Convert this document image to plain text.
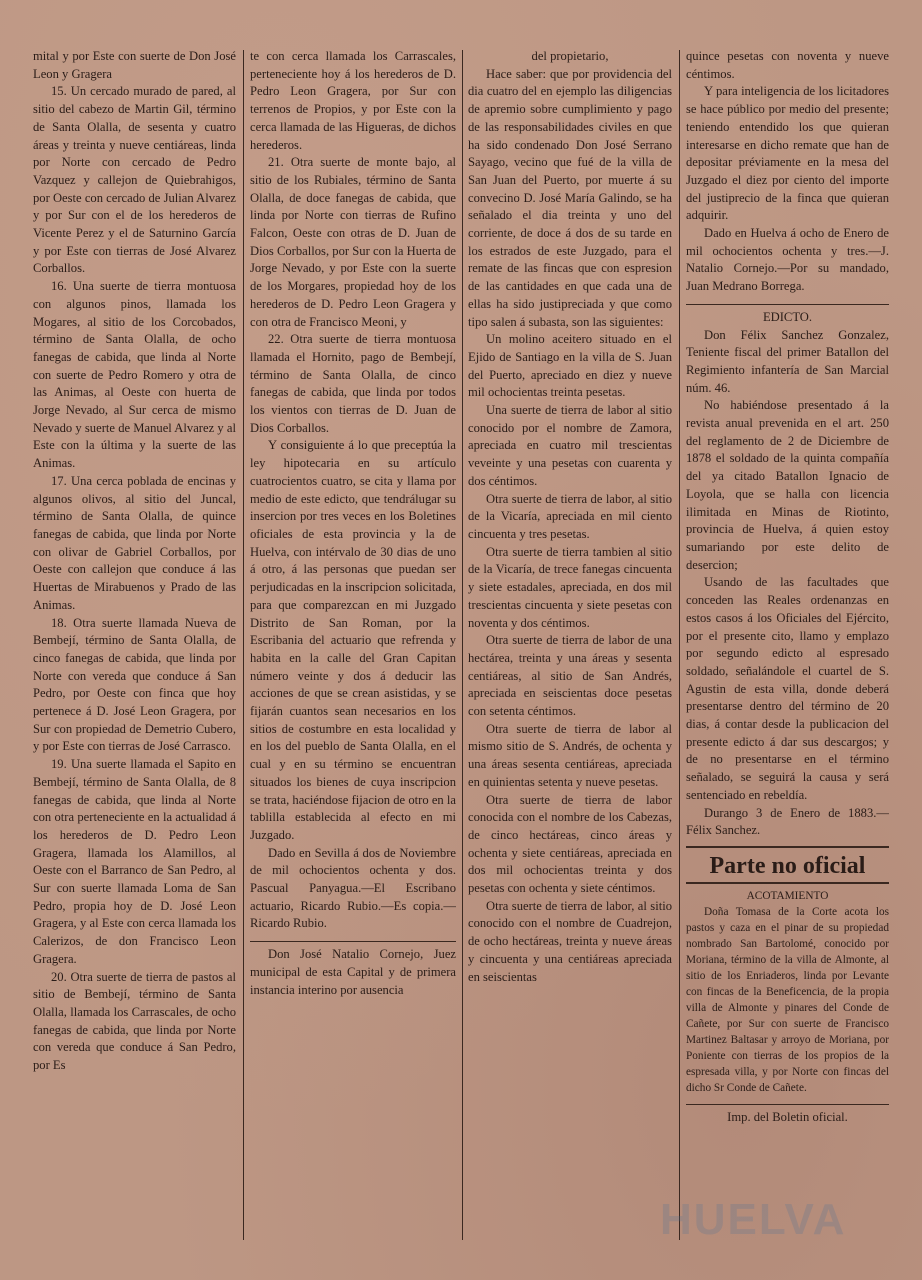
mital y por Este con suerte de Don José Leon y Gragera

15. Un cercado murado de pared, al sitio del cabezo de Martin Gil, término de Santa Olalla, de sesenta y cuatro áreas y treinta y nueve centiáreas, linda por Norte con cercado de Pedro Vazquez y callejon de Quiebrahigos, por Oeste con cercado de Julian Alvarez y por Sur con el de los herederos de Vicente Perez y el de Saturnino García y por Este con tierras de José Alvarez Corballos.

16. Una suerte de tierra montuosa con algunos pinos, llamada los Mogares, al sitio de los Corcobados, término de Santa Olalla, de ocho fanegas de cabida, que linda al Norte con suerte de Pedro Romero y otra de las Animas, al Oeste con huerta de Jorge Nevado, al Sur cerca de mismo Nevado y suerte de Manuel Alvarez y al Este con la última y la suerte de las Animas.

17. Una cerca poblada de encinas y algunos olivos, al sitio del Juncal, término de Santa Olalla, de quince fanegas de cabida, que linda por Norte con olivar de Gabriel Corballos, por Oeste con callejon que conduce á las Huertas de Mirabuenos y Prado de las Animas.

18. Otra suerte llamada Nueva de Bembejí, término de Santa Olalla, de cinco fanegas de cabida, que linda por Norte con vereda que conduce á San Pedro, por Oeste con finca que hoy pertenece á D. José Leon Gragera, por Sur con propiedad de Demetrio Cubero, y por Este con tierras de José Carrasco.

19. Una suerte llamada el Sapito en Bembejí, término de Santa Olalla, de 8 fanegas de cabida, que linda al Norte con otra perteneciente en la actualidad á los herederos de D. Pedro Leon Gragera, llamada los Alamillos, al Oeste con el Barranco de San Pedro, al Sur con suerte llamada Loma de San Pedro, propia hoy de D. José Leon Gragera, y al Este con cerca llamada los Calerizos, de don Francisco Leon Gragera.

20. Otra suerte de tierra de pastos al sitio de Bembejí, término de Santa Olalla, llamada los Carrascales, de ocho fanegas de cabida, que linda por Norte con vereda que conduce á San Pedro, por Es

te con cerca llamada los Carrascales, perteneciente hoy á los herederos de D. Pedro Leon Gragera, por Sur con terrenos de Propios, y por Este con la cerca llamada de las Higueras, de dichos herederos.

21. Otra suerte de monte bajo, al sitio de los Rubiales, término de Santa Olalla, de doce fanegas de cabida, que linda por Norte con tierras de Rufino Falcon, Oeste con otras de D. Juan de Dios Corballos, por Sur con la Huerta de Jorge Nevado, y por Este con la suerte de los Morgares, propiedad hoy de los herederos de D. Pedro Leon Gragera y con otra de Francisco Meoni, y

22. Otra suerte de tierra montuosa llamada el Hornito, pago de Bembejí, término de Santa Olalla, de cinco fanegas de cabida, que linda por todos los vientos con tierras de D. Juan de Dios Corballos.

Y consiguiente á lo que preceptúa la ley hipotecaria en su artículo cuatrocientos cuatro, se cita y llama por medio de este edicto, que tendrálugar su insercion por tres veces en los Boletines oficiales de esta provincia y la de Huelva, con intérvalo de 30 dias de uno á otro, á las personas que puedan ser perjudicadas en la inscripcion solicitada, para que comparezcan en mi Juzgado Distrito de San Roman, por la Escribania del actuario que refrenda y habita en la calle del Gran Capitan número veinte y dos á deducir las acciones de que se crean asistidas, y se fijarán cuantos sean necesarios en los sitios de costumbre en esta localidad y en los del pueblo de Santa Olalla, en el cual y en su término se encuentran situados los bienes de cuya inscripcion se trata, haciéndose fijacion de otro en la tablilla establecida al efecto en mi Juzgado.

Dado en Sevilla á dos de Noviembre de mil ochocientos ochenta y dos. Pascual Panyagua.—El Escribano actuario, Ricardo Rubio.—Es copia.—Ricardo Rubio.

Don José Natalio Cornejo, Juez municipal de esta Capital y de primera instancia interino por ausencia

del propietario,

Hace saber: que por providencia del dia cuatro del en ejemplo las diligencias de apremio sobre cumplimiento y pago de las responsabilidades civiles en que ha sido condenado Don José Serrano Sayago, vecino que fué de la villa de San Juan del Puerto, por muerte á su convecino D. José María Galindo, se ha señalado el dia treinta y uno del corriente, de doce á dos de su tarde en los estrados de este Juzgado, para el remate de las fincas que con espresion de las cantidades en que cada una de ellas ha sido justipreciada y que como tipo salen á subasta, son las siguientes:

Un molino aceitero situado en el Ejido de Santiago en la villa de S. Juan del Puerto, apreciado en diez y nueve mil ochocientas treinta pesetas.

Una suerte de tierra de labor al sitio conocido por el nombre de Zamora, apreciada en cuatro mil trescientas veveinte y una pesetas con cuarenta y dos céntimos.

Otra suerte de tierra de labor, al sitio de la Vicaría, apreciada en mil ciento cincuenta y tres pesetas.

Otra suerte de tierra tambien al sitio de la Vicaría, de trece fanegas cincuenta y siete estadales, apreciada, en dos mil trescientas cincuenta y siete pesetas con noventa y dos céntimos.

Otra suerte de tierra de labor de una hectárea, treinta y una áreas y sesenta centiáreas, al sitio de San Andrés, apreciada en seiscientas doce pesetas con setenta céntimos.

Otra suerte de tierra de labor al mismo sitio de S. Andrés, de ochenta y una áreas sesenta centiáreas, apreciada en quinientas setenta y nueve pesetas.

Otra suerte de tierra de labor conocida con el nombre de los Cabezas, de cinco hectáreas, cinco áreas y ochenta y siete centiáreas, apreciada en dos mil ochocientas treinta y dos pesetas con ochenta y siete céntimos.

Otra suerte de tierra de labor, al sitio conocido con el nombre de Cuadrejon, de ocho hectáreas, treinta y nueve áreas y cincuenta y una centiáreas apreciada en seiscientas

quince pesetas con noventa y nueve céntimos.

Y para inteligencia de los licitadores se hace público por medio del presente; teniendo entendido los que quieran interesarse en dicho remate que han de depositar préviamente en la mesa del Juzgado el diez por ciento del importe del justiprecio de la finca que quieran adquirir.

Dado en Huelva á ocho de Enero de mil ochocientos ochenta y tres.—J. Natalio Cornejo.—Por su mandado, Juan Medrano Borrega.

EDICTO.

Don Félix Sanchez Gonzalez, Teniente fiscal del primer Batallon del Regimiento infantería de San Marcial núm. 46.

No habiéndose presentado á la revista anual prevenida en el art. 250 del reglamento de 2 de Diciembre de 1878 el soldado de la quinta compañía del ya citado Batallon Ignacio de Loyola, que se halla con licencia ilimitada en Minas de Riotinto, provincia de Huelva, á quien estoy sumariando por este delito de desercion;

Usando de las facultades que conceden las Reales ordenanzas en estos casos á los Oficiales del Ejército, por el presente cito, llamo y emplazo por segundo edicto al espresado soldado, señalándole el cuartel de S. Agustin de esta villa, donde deberá presentarse dentro del término de 20 dias, á contar desde la publicacion del presente edicto á dar sus descargos; y de no presentarse en el término señalado, se seguirá la causa y será sentenciado en rebeldía.

Durango 3 de Enero de 1883.—Félix Sanchez.

Parte no oficial

ACOTAMIENTO

Doña Tomasa de la Corte acota los pastos y caza en el pinar de su propiedad nombrado San Bartolomé, conocido por Moriana, término de la villa de Almonte, al sitio de los Enriaderos, linda por Levante con fincas de la Beneficencia, de la propia villa de Almonte y pinares del Conde de Cañete, por Sur con suerte de Francisco Martinez Baltasar y arroyo de Moriana, por Poniente con tierras de los propios de la espresada villa, y por Norte con fincas del dicho Sr Conde de Cañete.

Imp. del Boletin oficial.

HUELVA
